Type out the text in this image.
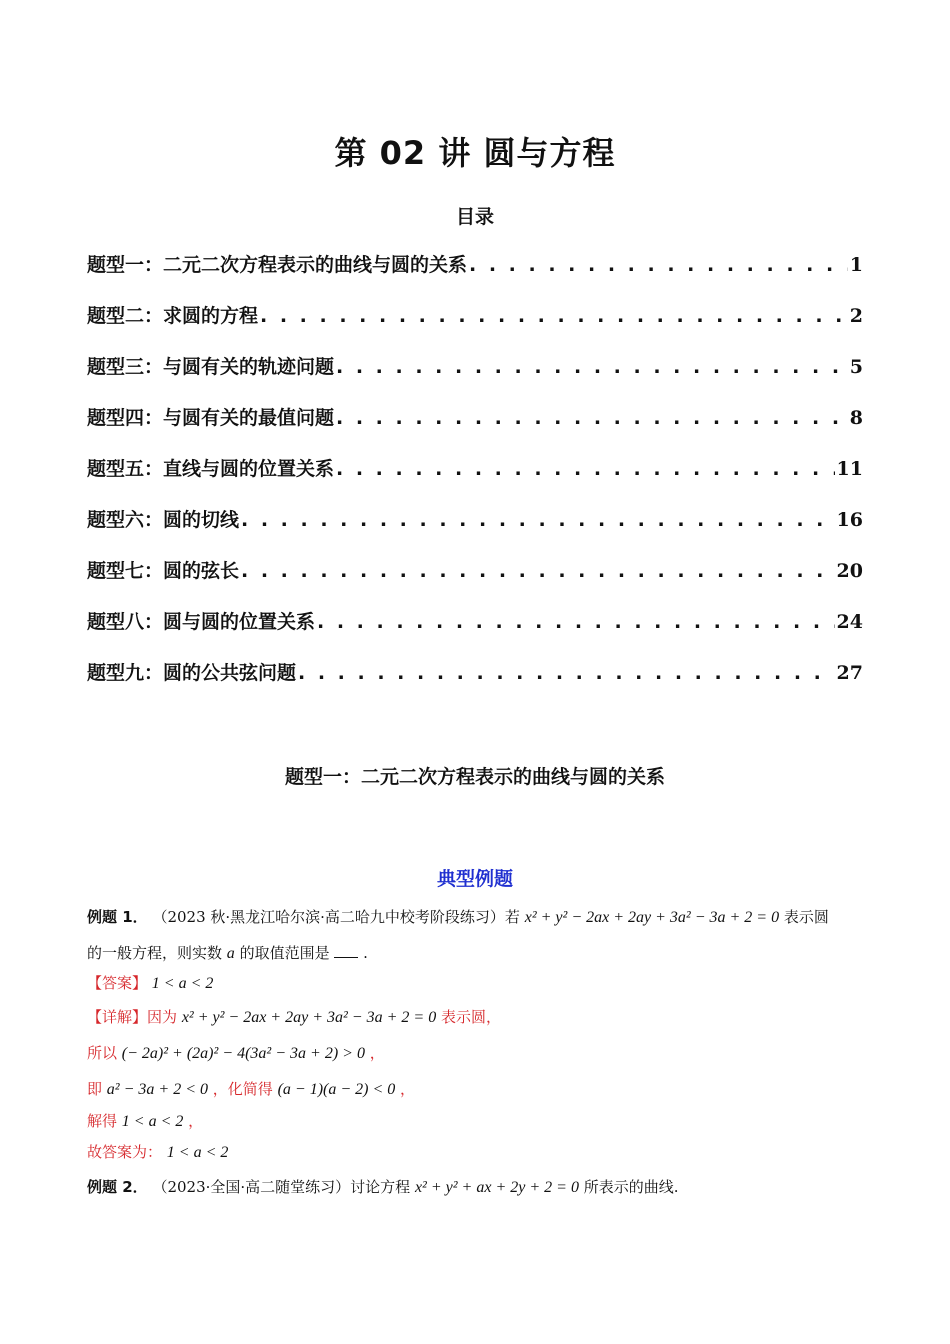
第 02 讲 圆与方程
目录
题型一：二元二次方程表示的曲线与圆的关系 . . .	1
题型二：求圆的方程 . . .	2
题型三：与圆有关的轨迹问题 . . .	5
题型四：与圆有关的最值问题 . . .	8
题型五：直线与圆的位置关系 . . .	11
题型六：圆的切线 . . .	16
题型七：圆的弦长 . . .	20
题型八：圆与圆的位置关系 . . .	24
题型九：圆的公共弦问题 . . .	27
题型一：二元二次方程表示的曲线与圆的关系
典型例题
例题 1． （2023 秋·黑龙江哈尔滨·高二哈九中校考阶段练习）若 x² + y² − 2ax + 2ay + 3a² − 3a + 2 = 0 表示圆
的一般方程，则实数 a 的取值范围是 .
【答案】 1 < a < 2
【详解】因为 x² + y² − 2ax + 2ay + 3a² − 3a + 2 = 0 表示圆，
所以 (− 2a)² + (2a)² − 4(3a² − 3a + 2) > 0 ，
即 a² − 3a + 2 < 0 ，化简得 (a − 1)(a − 2) < 0 ，
解得 1 < a < 2 ，
故答案为： 1 < a < 2
例题 2． （2023·全国·高二随堂练习）讨论方程 x² + y² + ax + 2y + 2 = 0 所表示的曲线.
